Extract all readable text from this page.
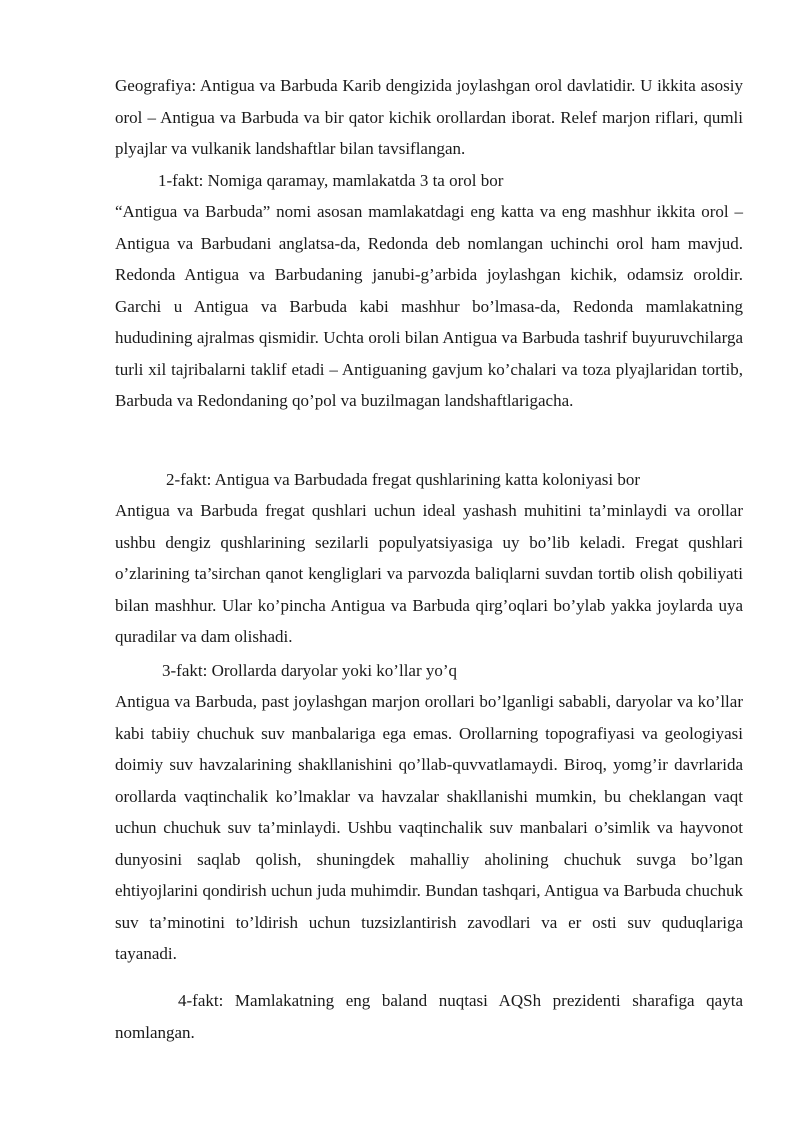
Geografiya: Antigua va Barbuda Karib dengizida joylashgan orol davlatidir. U ikkita asosiy orol – Antigua va Barbuda va bir qator kichik orollardan iborat. Relef marjon riflari, qumli plyajlar va vulkanik landshaftlar bilan tavsiflangan.

1-fakt: Nomiga qaramay, mamlakatda 3 ta orol bor

“Antigua va Barbuda” nomi asosan mamlakatdagi eng katta va eng mashhur ikkita orol – Antigua va Barbudani anglatsa-da, Redonda deb nomlangan uchinchi orol ham mavjud. Redonda Antigua va Barbudaning janubi-g’arbida joylashgan kichik, odamsiz oroldir. Garchi u Antigua va Barbuda kabi mashhur bo’lmasa-da, Redonda mamlakatning hududining ajralmas qismidir. Uchta oroli bilan Antigua va Barbuda tashrif buyuruvchilarga turli xil tajribalarni taklif etadi – Antiguaning gavjum ko’chalari va toza plyajlaridan tortib, Barbuda va Redondaning qo’pol va buzilmagan landshaftlarigacha.

2-fakt: Antigua va Barbudada fregat qushlarining katta koloniyasi bor

Antigua va Barbuda fregat qushlari uchun ideal yashash muhitini ta’minlaydi va orollar ushbu dengiz qushlarining sezilarli populyatsiyasiga uy bo’lib keladi. Fregat qushlari o’zlarining ta’sirchan qanot kengliglari va parvozda baliqlarni suvdan tortib olish qobiliyati bilan mashhur. Ular ko’pincha Antigua va Barbuda qirg’oqlari bo’ylab yakka joylarda uya quradilar va dam olishadi.

3-fakt: Orollarda daryolar yoki ko’llar yo’q

Antigua va Barbuda, past joylashgan marjon orollari bo’lganligi sababli, daryolar va ko’llar kabi tabiiy chuchuk suv manbalariga ega emas. Orollarning topografiyasi va geologiyasi doimiy suv havzalarining shakllanishini qo’llab-quvvatlamaydi. Biroq, yomg’ir davrlarida orollarda vaqtinchalik ko’lmaklar va havzalar shakllanishi mumkin, bu cheklangan vaqt uchun chuchuk suv ta’minlaydi. Ushbu vaqtinchalik suv manbalari o’simlik va hayvonot dunyosini saqlab qolish, shuningdek mahalliy aholining chuchuk suvga bo’lgan ehtiyojlarini qondirish uchun juda muhimdir. Bundan tashqari, Antigua va Barbuda chuchuk suv ta’minotini to’ldirish uchun tuzsizlantirish zavodlari va er osti suv quduqlariga tayanadi.

4-fakt: Mamlakatning eng baland nuqtasi AQSh prezidenti sharafiga qayta nomlangan.
